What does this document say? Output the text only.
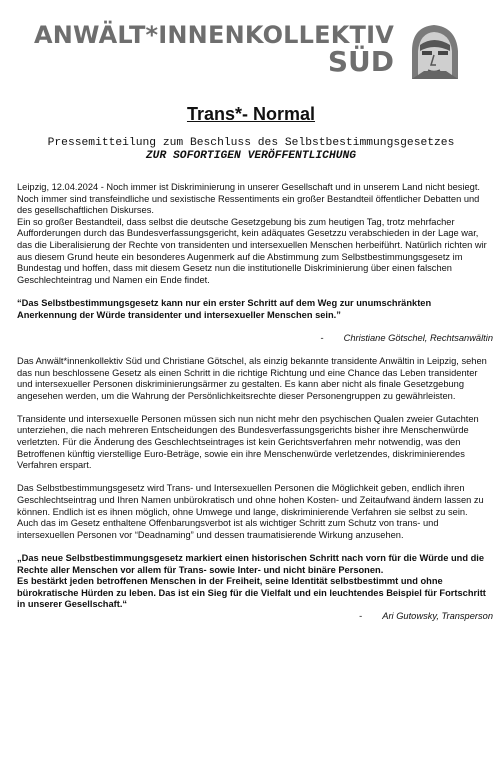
ANWÄLT*INNENKOLLEKTIV
SÜD
Trans*- Normal
Pressemitteilung zum Beschluss des Selbstbestimmungsgesetzes
ZUR SOFORTIGEN VERÖFFENTLICHUNG
Leipzig, 12.04.2024 - Noch immer ist Diskriminierung in unserer Gesellschaft und in unserem Land nicht besiegt. Noch immer sind transfeindliche und sexistische Ressentiments ein großer Bestandteil öffentlicher Debatten und des gesellschaftlichen Diskurses.

Ein so großer Bestandteil, dass selbst die deutsche Gesetzgebung bis zum heutigen Tag, trotz mehrfacher Aufforderungen durch das Bundesverfassungsgericht, kein adäquates Gesetzzu verabschieden in der Lage war, das die Liberalisierung der Rechte von transidenten und intersexuellen Menschen herbeiführt. Natürlich richten wir aus diesem Grund heute ein besonderes Augenmerk auf die Abstimmung zum Selbstbestimmungsgesetz im Bundestag und hoffen, dass mit diesem Gesetz nun die institutionelle Diskriminierung über einen falschen Geschlechteintrag und Namen ein Ende findet.

“Das Selbstbestimmungsgesetz kann nur ein erster Schritt auf dem Weg zur unumschränkten Anerkennung der Würde transidenter und intersexueller Menschen sein.”

- Christiane Götschel, Rechtsanwältin

Das Anwält*innenkollektiv Süd und Christiane Götschel, als einzig bekannte transidente Anwältin in Leipzig, sehen das nun beschlossene Gesetz als einen Schritt in die richtige Richtung und eine Chance das Leben transidenter und intersexueller Personen diskriminierungsärmer zu gestalten. Es kann aber nicht als finale Gesetzgebung angesehen werden, um die Wahrung der Persönlichkeitsrechte dieser Personengruppen zu gewährleisten.

Transidente und intersexuelle Personen müssen sich nun nicht mehr den psychischen Qualen zweier Gutachten unterziehen, die nach mehreren Entscheidungen des Bundesverfassungsgerichts bisher ihre Menschenwürde verletzten. Für die Änderung des Geschlechtseintrages ist kein Gerichtsverfahren mehr notwendig, was den Betroffenen künftig vierstellige Euro-Beträge, sowie ein ihre Menschenwürde verletzendes, diskriminierendes Verfahren erspart.

Das Selbstbestimmungsgesetz wird Trans- und Intersexuellen Personen die Möglichkeit geben, endlich ihren Geschlechtseintrag und Ihren Namen unbürokratisch und ohne hohen Kosten- und Zeitaufwand ändern lassen zu können. Endlich ist es ihnen möglich, ohne Umwege und lange, diskriminierende Verfahren sie selbst zu sein.

Auch das im Gesetz enthaltene Offenbarungsverbot ist als wichtiger Schritt zum Schutz von trans- und intersexuellen Personen vor “Deadnaming” und dessen traumatisierende Wirkung anzusehen.

„Das neue Selbstbestimmungsgesetz markiert einen historischen Schritt nach vorn für die Würde und die Rechte aller Menschen vor allem für Trans- sowie Inter- und nicht binäre Personen.
Es bestärkt jeden betroffenen Menschen in der Freiheit, seine Identität selbstbestimmt und ohne bürokratische Hürden zu leben. Das ist ein Sieg für die Vielfalt und ein leuchtendes Beispiel für Fortschritt in unserer Gesellschaft.“

- Ari Gutowsky, Transperson
